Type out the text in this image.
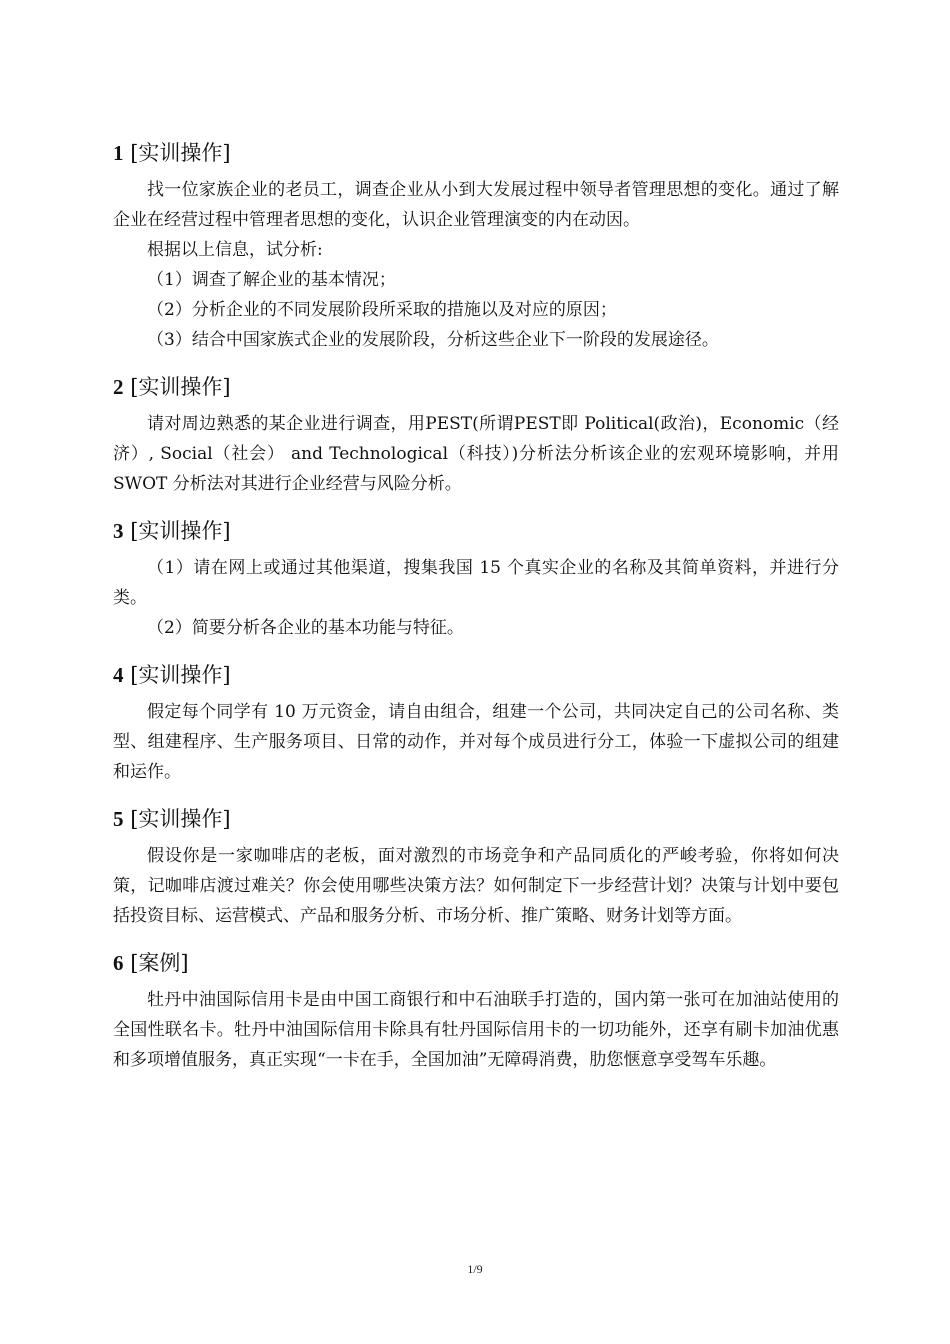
1 [实训操作]

找一位家族企业的老员工，调查企业从小到大发展过程中领导者管理思想的变化。通过了解企业在经营过程中管理者思想的变化，认识企业管理演变的内在动因。

根据以上信息，试分析:

（1）调查了解企业的基本情况；

（2）分析企业的不同发展阶段所采取的措施以及对应的原因；

（3）结合中国家族式企业的发展阶段，分析这些企业下一阶段的发展途径。

2 [实训操作]

请对周边熟悉的某企业进行调查，用PEST(所谓PEST即 Political(政治)，Economic（经济）, Social（社会） and Technological（科技）)分析法分析该企业的宏观环境影响，并用 SWOT 分析法对其进行企业经营与风险分析。

3 [实训操作]

（1）请在网上或通过其他渠道，搜集我国 15 个真实企业的名称及其简单资料，并进行分类。

（2）简要分析各企业的基本功能与特征。

4 [实训操作]

假定每个同学有 10 万元资金，请自由组合，组建一个公司，共同决定自己的公司名称、类型、组建程序、生产服务项目、日常的动作，并对每个成员进行分工，体验一下虚拟公司的组建和运作。

5 [实训操作]

假设你是一家咖啡店的老板，面对激烈的市场竞争和产品同质化的严峻考验，你将如何决策，记咖啡店渡过难关？你会使用哪些决策方法？如何制定下一步经营计划？决策与计划中要包括投资目标、运营模式、产品和服务分析、市场分析、推广策略、财务计划等方面。

6 [案例]

牡丹中油国际信用卡是由中国工商银行和中石油联手打造的，国内第一张可在加油站使用的全国性联名卡。牡丹中油国际信用卡除具有牡丹国际信用卡的一切功能外，还享有刷卡加油优惠和多项增值服务，真正实现“一卡在手，全国加油”无障碍消费，肋您惬意享受驾车乐趣。

1/9
